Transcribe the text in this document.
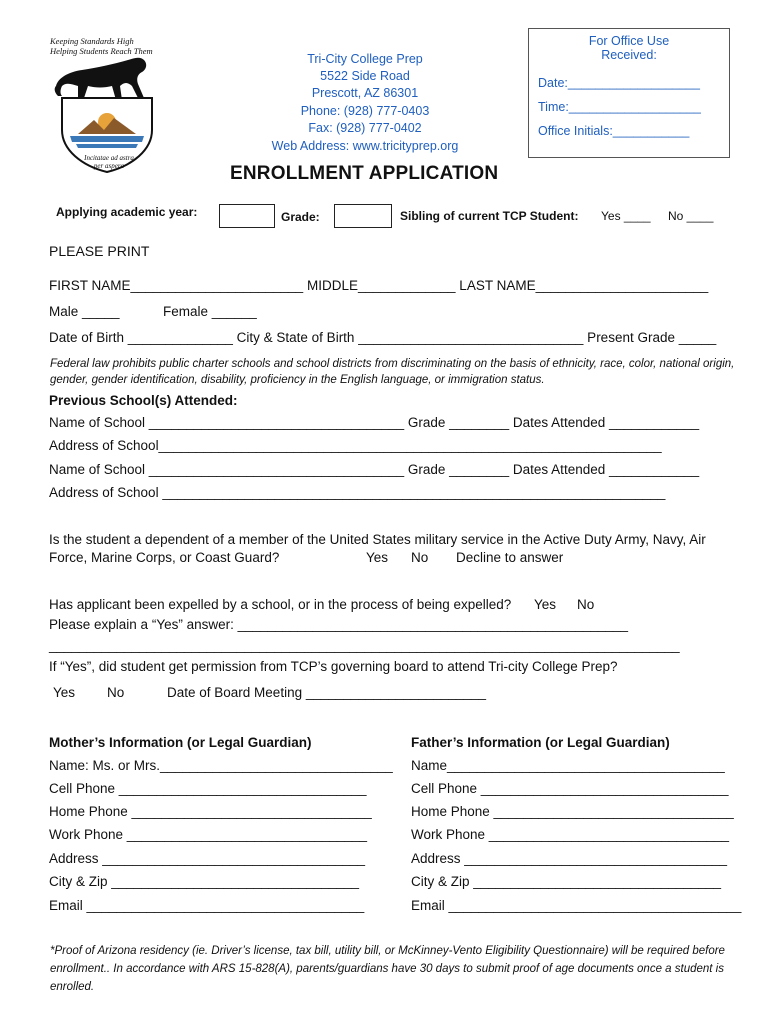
Keeping Standards High
Helping Students Reach Them
Incitatae ad astra
per aspera
Tri-City College Prep
5522 Side Road
Prescott, AZ 86301
Phone: (928) 777-0403
Fax: (928) 777-0402
Web Address: www.tricityprep.org
For Office Use
Received:
Date:___________________
Time:___________________
Office Initials:___________
ENROLLMENT APPLICATION
Applying academic year:	Grade:	Sibling of current TCP Student: Yes ____ No ____
PLEASE PRINT
FIRST NAME_______________________ MIDDLE_____________ LAST NAME_______________________
Male _____	Female ______
Date of Birth ______________ City & State of Birth ______________________________ Present Grade _____
Federal law prohibits public charter schools and school districts from discriminating on the basis of ethnicity, race, color, national origin, gender, gender identification, disability, proficiency in the English language, or immigration status.
Previous School(s) Attended:
Name of School __________________________________ Grade ________ Dates Attended ____________
Address of School___________________________________________________________________
Name of School __________________________________ Grade ________ Dates Attended ____________
Address of School ___________________________________________________________________
Is the student a dependent of a member of the United States military service in the Active Duty Army, Navy, Air
Force, Marine Corps, or Coast Guard?	Yes No Decline to answer
Has applicant been expelled by a school, or in the process of being expelled? Yes No
Please explain a “Yes” answer: ____________________________________________________
____________________________________________________________________________________
If “Yes”, did student get permission from TCP’s governing board to attend Tri-city College Prep?
Yes No	Date of Board Meeting ________________________
Mother’s Information (or Legal Guardian)
Name: Ms. or Mrs._______________________________
Cell Phone _________________________________
Home Phone ________________________________
Work Phone ________________________________
Address ___________________________________
City & Zip _________________________________
Email _____________________________________
Father’s Information (or Legal Guardian)
Name_____________________________________
Cell Phone _________________________________
Home Phone ________________________________
Work Phone ________________________________
Address ___________________________________
City & Zip _________________________________
Email _______________________________________
*Proof of Arizona residency (ie. Driver’s license, tax bill, utility bill, or McKinney-Vento Eligibility Questionnaire) will be required before enrollment.. In accordance with ARS 15-828(A), parents/guardians have 30 days to submit proof of age documents once a student is enrolled.
